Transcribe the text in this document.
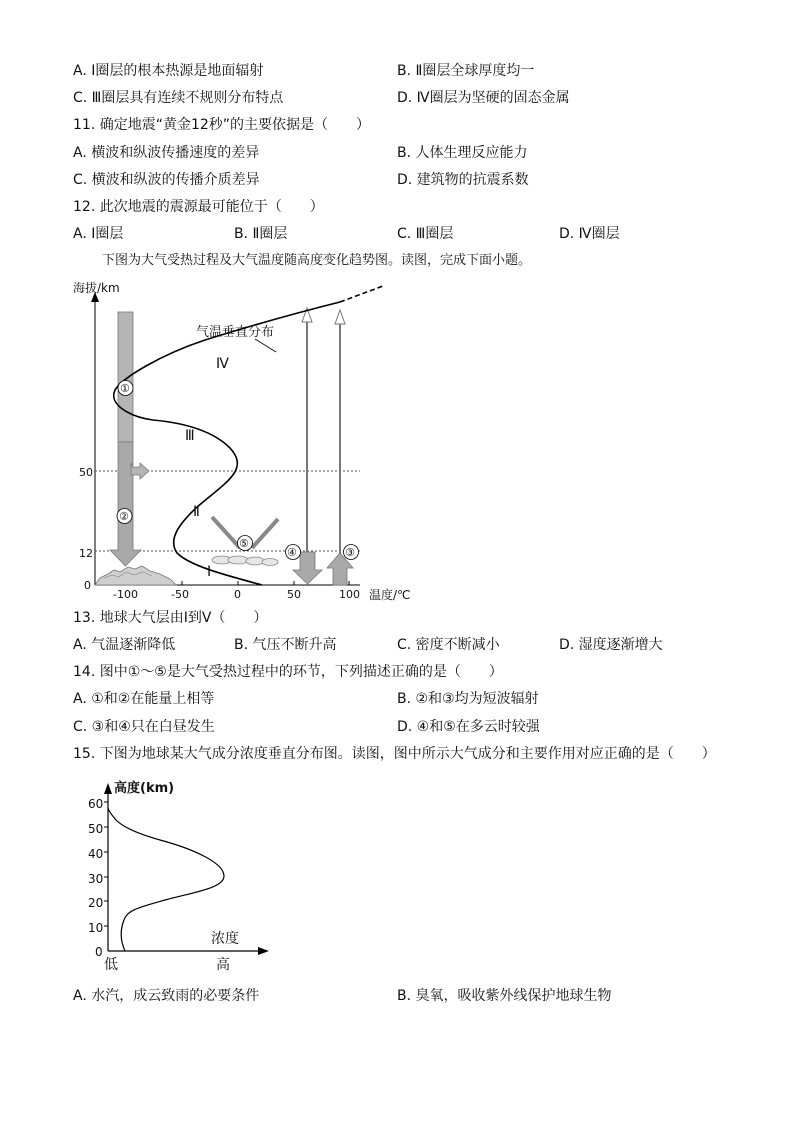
A. Ⅰ圈层的根本热源是地面辐射	B. Ⅱ圈层全球厚度均一
C. Ⅲ圈层具有连续不规则分布特点	D. Ⅳ圈层为坚硬的固态金属
11. 确定地震“黄金12秒”的主要依据是（　　）
A. 横波和纵波传播速度的差异	B. 人体生理反应能力
C. 横波和纵波的传播介质差异	D. 建筑物的抗震系数
12. 此次地震的震源最可能位于（　　）
A. Ⅰ圈层	B. Ⅱ圈层	C. Ⅲ圈层	D. Ⅳ圈层
下图为大气受热过程及大气温度随高度变化趋势图。读图，完成下面小题。
海拔/km
温度/℃
气温垂直分布
Ⅳ
Ⅲ
Ⅱ
Ⅰ
50
12
0
-100	-50	0	50	100
①
②
③
④
⑤
13. 地球大气层由Ⅰ到Ⅴ（　　）
A. 气温逐渐降低	B. 气压不断升高	C. 密度不断减小	D. 湿度逐渐增大
14. 图中①～⑤是大气受热过程中的环节，下列描述正确的是（　　）
A. ①和②在能量上相等	B. ②和③均为短波辐射
C. ③和④只在白昼发生	D. ④和⑤在多云时较强
15. 下图为地球某大气成分浓度垂直分布图。读图，图中所示大气成分和主要作用对应正确的是（　　）
高度(km)
60
50
40
30
20
10
0
浓度
低	高
A. 水汽，成云致雨的必要条件	B. 臭氧，吸收紫外线保护地球生物
